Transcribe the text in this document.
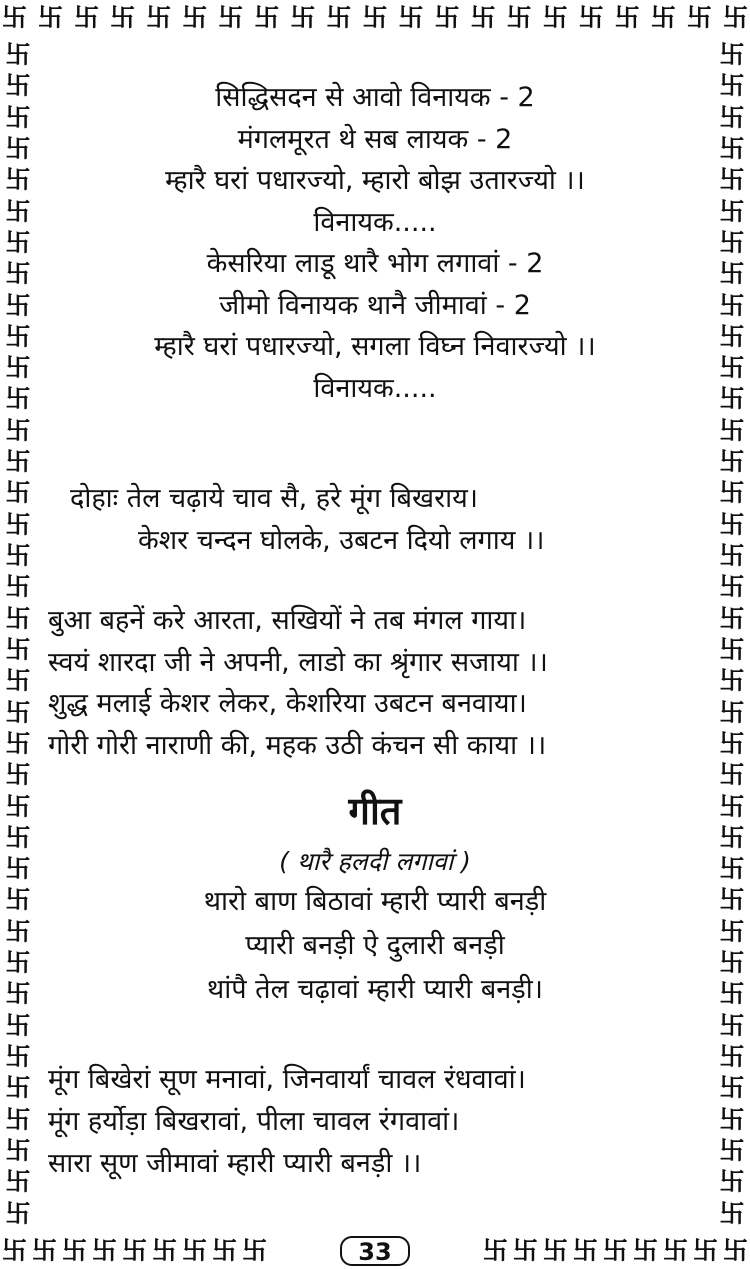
卐 卐 卐 卐 卐 卐 卐 卐 卐 卐 卐 卐 卐 卐 卐 卐 卐 卐 卐 卐 卐
卐
卐
卐
卐
卐
卐
卐
卐
卐
卐
卐
卐
卐
卐
卐
卐
卐
卐
卐
卐
卐
卐
卐
卐
卐
卐
卐
卐
卐
卐
卐
卐
卐
卐
卐
卐
卐
卐
卐
卐
卐
卐
卐
卐
卐
卐
卐
卐
卐
卐
卐
卐
卐
卐
卐
卐
卐
卐
卐
卐
卐
卐
卐
卐
卐
卐
卐
卐
卐
卐
卐
卐
卐
卐
卐
卐
卐 卐 卐 卐 卐 卐 卐 卐 卐	33	卐 卐 卐 卐 卐 卐 卐 卐 卐
सिद्धिसदन से आवो विनायक - 2
मंगलमूरत थे सब लायक - 2
म्हारै घरां पधारज्यो, म्हारो बोझ उतारज्यो ।।
विनायक.....
केसरिया लाडू थारै भोग लगावां - 2
जीमो विनायक थानै जीमावां - 2
म्हारै घरां पधारज्यो, सगला विघ्न निवारज्यो ।।
विनायक.....
दोहाः तेल चढ़ाये चाव सै, हरे मूंग बिखराय।
केशर चन्दन घोलके, उबटन दियो लगाय ।।
बुआ बहनें करे आरता, सखियों ने तब मंगल गाया।
स्वयं शारदा जी ने अपनी, लाडो का श्रृंगार सजाया ।।
शुद्ध मलाई केशर लेकर, केशरिया उबटन बनवाया।
गोरी गोरी नाराणी की, महक उठी कंचन सी काया ।।
गीत
( थारै हलदी लगावां )
थारो बाण बिठावां म्हारी प्यारी बनड़ी
प्यारी बनड़ी ऐ दुलारी बनड़ी
थांपै तेल चढ़ावां म्हारी प्यारी बनड़ी।
मूंग बिखेरां सूण मनावां, जिनवार्यां चावल रंधवावां।
मूंग हर्योड़ा बिखरावां, पीला चावल रंगवावां।
सारा सूण जीमावां म्हारी प्यारी बनड़ी ।।
